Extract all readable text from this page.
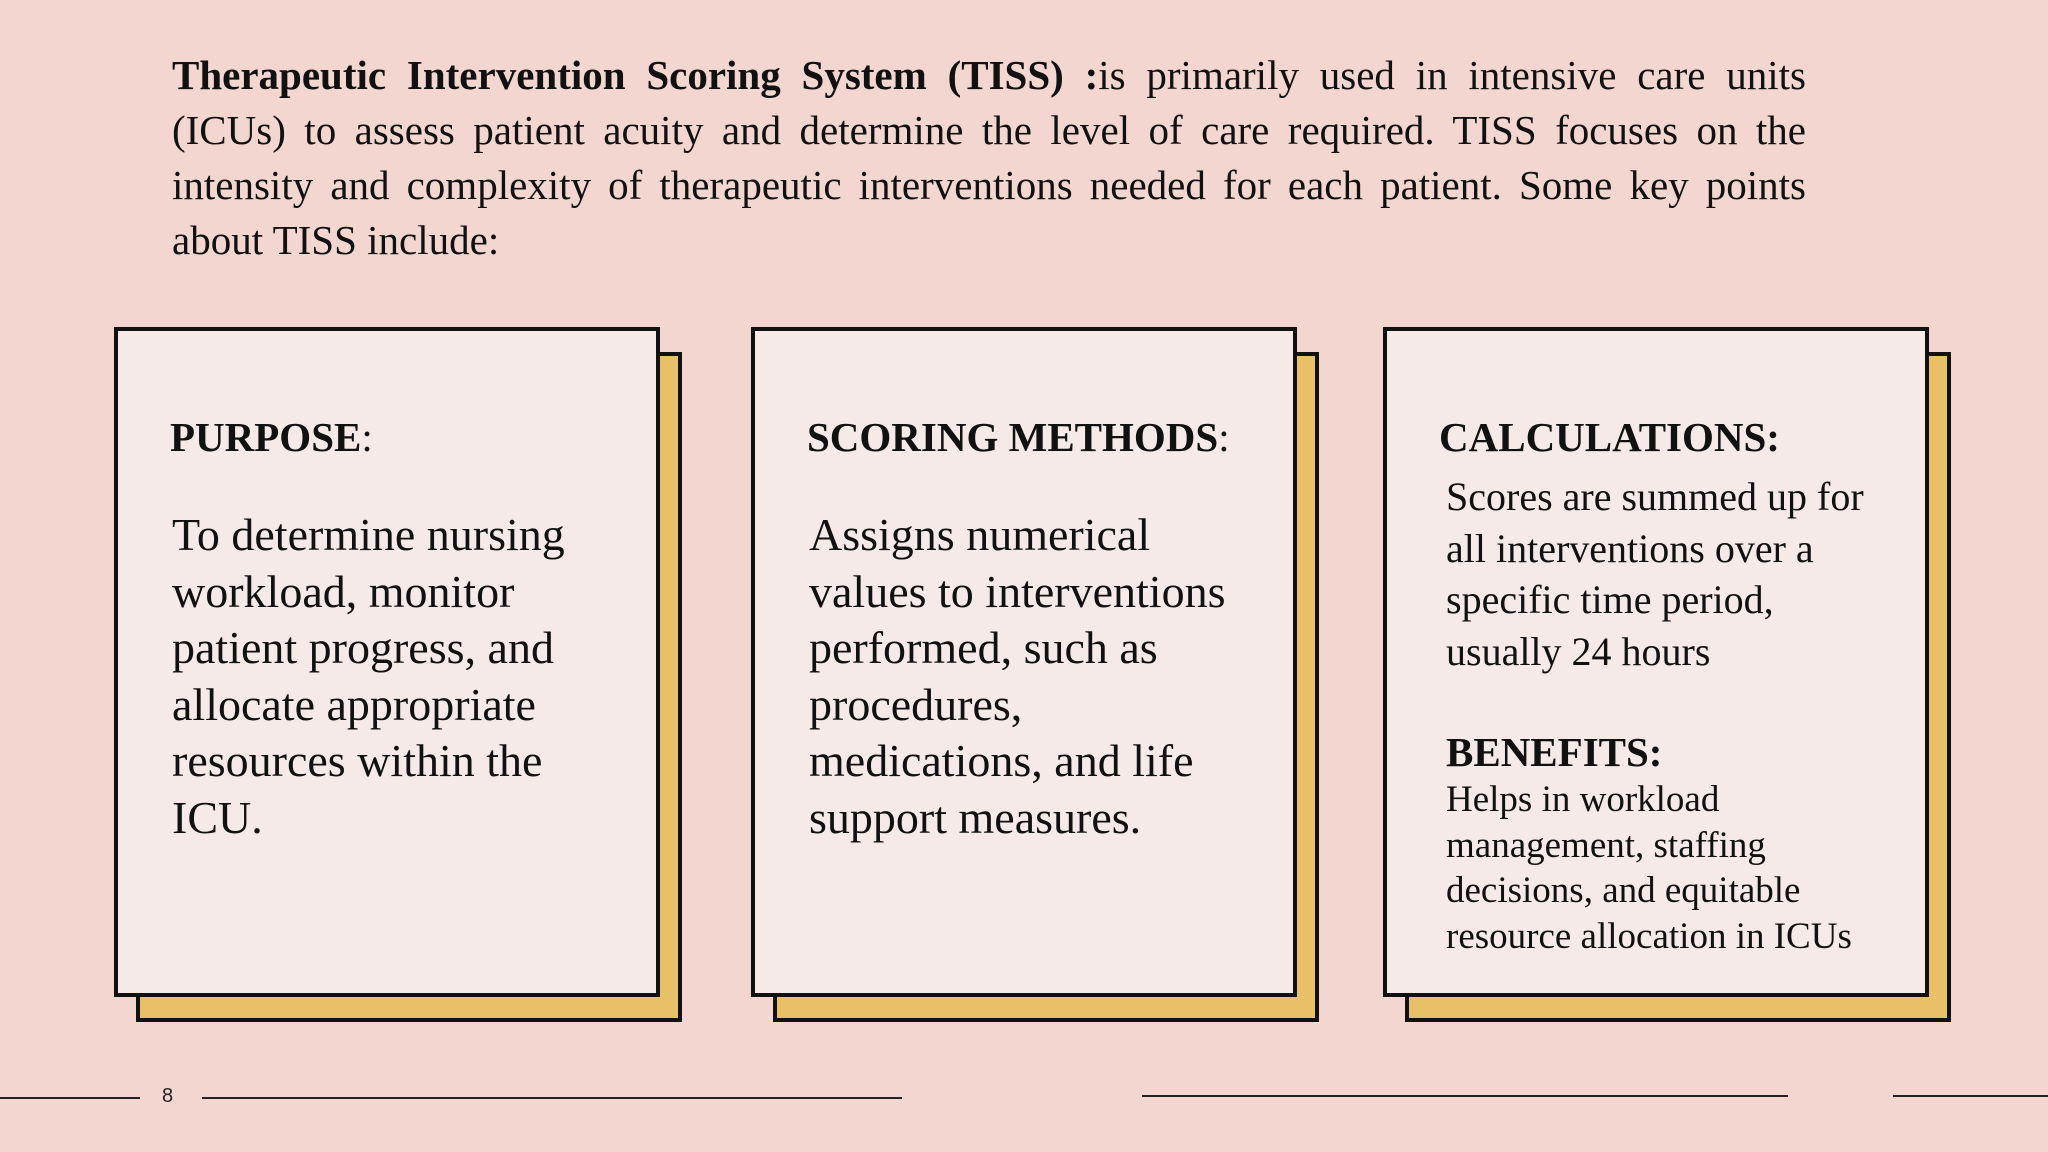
Therapeutic Intervention Scoring System (TISS) :is primarily used in intensive care units (ICUs) to assess patient acuity and determine the level of care required. TISS focuses on the intensity and complexity of therapeutic interventions needed for each patient. Some key points about TISS include:

PURPOSE:

To determine nursing workload, monitor patient progress, and allocate appropriate resources within the ICU.

SCORING METHODS:

Assigns numerical values to interventions performed, such as procedures, medications, and life support measures.

CALCULATIONS:

Scores are summed up for all interventions over a specific time period, usually 24 hours

BENEFITS:

Helps in workload management, staffing decisions, and equitable resource allocation in ICUs

8
